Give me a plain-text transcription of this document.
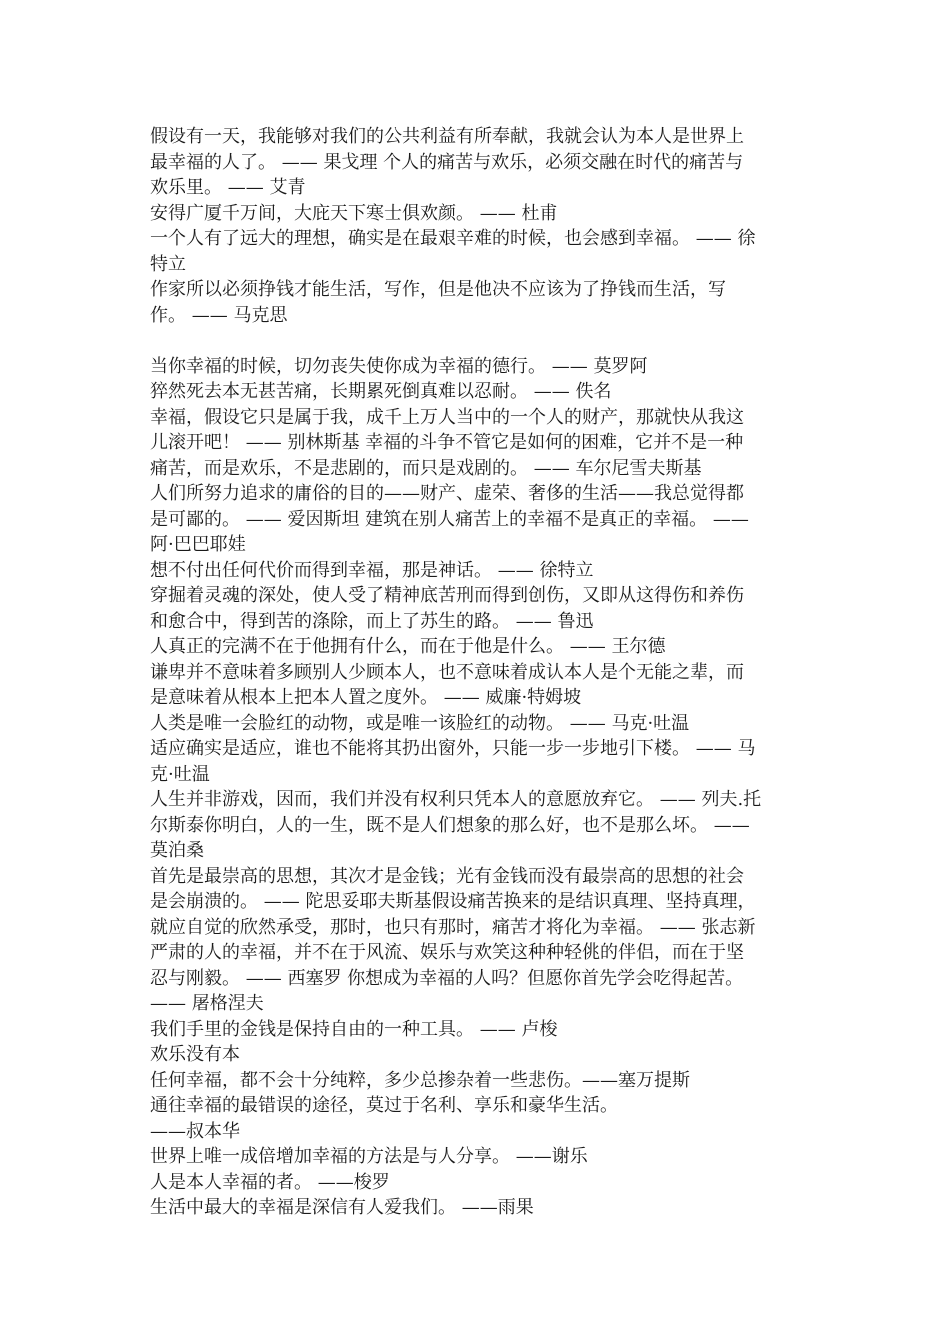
假设有一天，我能够对我们的公共利益有所奉献，我就会认为本人是世界上
最幸福的人了。 —— 果戈理 个人的痛苦与欢乐，必须交融在时代的痛苦与
欢乐里。 —— 艾青
安得广厦千万间，大庇天下寒士俱欢颜。 —— 杜甫
一个人有了远大的理想，确实是在最艰辛难的时候，也会感到幸福。 —— 徐
特立
作家所以必须挣钱才能生活，写作，但是他决不应该为了挣钱而生活，写
作。 —— 马克思
当你幸福的时候，切勿丧失使你成为幸福的德行。 —— 莫罗阿
猝然死去本无甚苦痛，长期累死倒真难以忍耐。 —— 佚名
幸福，假设它只是属于我，成千上万人当中的一个人的财产，那就快从我这
儿滚开吧！ —— 别林斯基 幸福的斗争不管它是如何的困难，它并不是一种
痛苦，而是欢乐，不是悲剧的，而只是戏剧的。 —— 车尔尼雪夫斯基
人们所努力追求的庸俗的目的——财产、虚荣、奢侈的生活——我总觉得都
是可鄙的。 —— 爱因斯坦 建筑在别人痛苦上的幸福不是真正的幸福。 ——
阿·巴巴耶娃
想不付出任何代价而得到幸福，那是神话。 —— 徐特立
穿掘着灵魂的深处，使人受了精神底苦刑而得到创伤，又即从这得伤和养伤
和愈合中，得到苦的涤除，而上了苏生的路。 —— 鲁迅
人真正的完满不在于他拥有什么，而在于他是什么。 —— 王尔德
谦卑并不意味着多顾别人少顾本人，也不意味着成认本人是个无能之辈，而
是意味着从根本上把本人置之度外。 —— 威廉·特姆坡
人类是唯一会脸红的动物，或是唯一该脸红的动物。 —— 马克·吐温
适应确实是适应，谁也不能将其扔出窗外，只能一步一步地引下楼。 —— 马
克·吐温
人生并非游戏，因而，我们并没有权利只凭本人的意愿放弃它。 —— 列夫.托
尔斯泰你明白，人的一生，既不是人们想象的那么好，也不是那么坏。 ——
莫泊桑
首先是最崇高的思想，其次才是金钱；光有金钱而没有最崇高的思想的社会
是会崩溃的。 —— 陀思妥耶夫斯基假设痛苦换来的是结识真理、坚持真理，
就应自觉的欣然承受，那时，也只有那时，痛苦才将化为幸福。 —— 张志新
严肃的人的幸福，并不在于风流、娱乐与欢笑这种种轻佻的伴侣，而在于坚
忍与刚毅。 —— 西塞罗 你想成为幸福的人吗？但愿你首先学会吃得起苦。
—— 屠格涅夫
我们手里的金钱是保持自由的一种工具。 —— 卢梭
欢乐没有本
任何幸福，都不会十分纯粹，多少总掺杂着一些悲伤。——塞万提斯
通往幸福的最错误的途径，莫过于名利、享乐和豪华生活。
——叔本华
世界上唯一成倍增加幸福的方法是与人分享。 ——谢乐
人是本人幸福的者。 ——梭罗
生活中最大的幸福是深信有人爱我们。 ——雨果
